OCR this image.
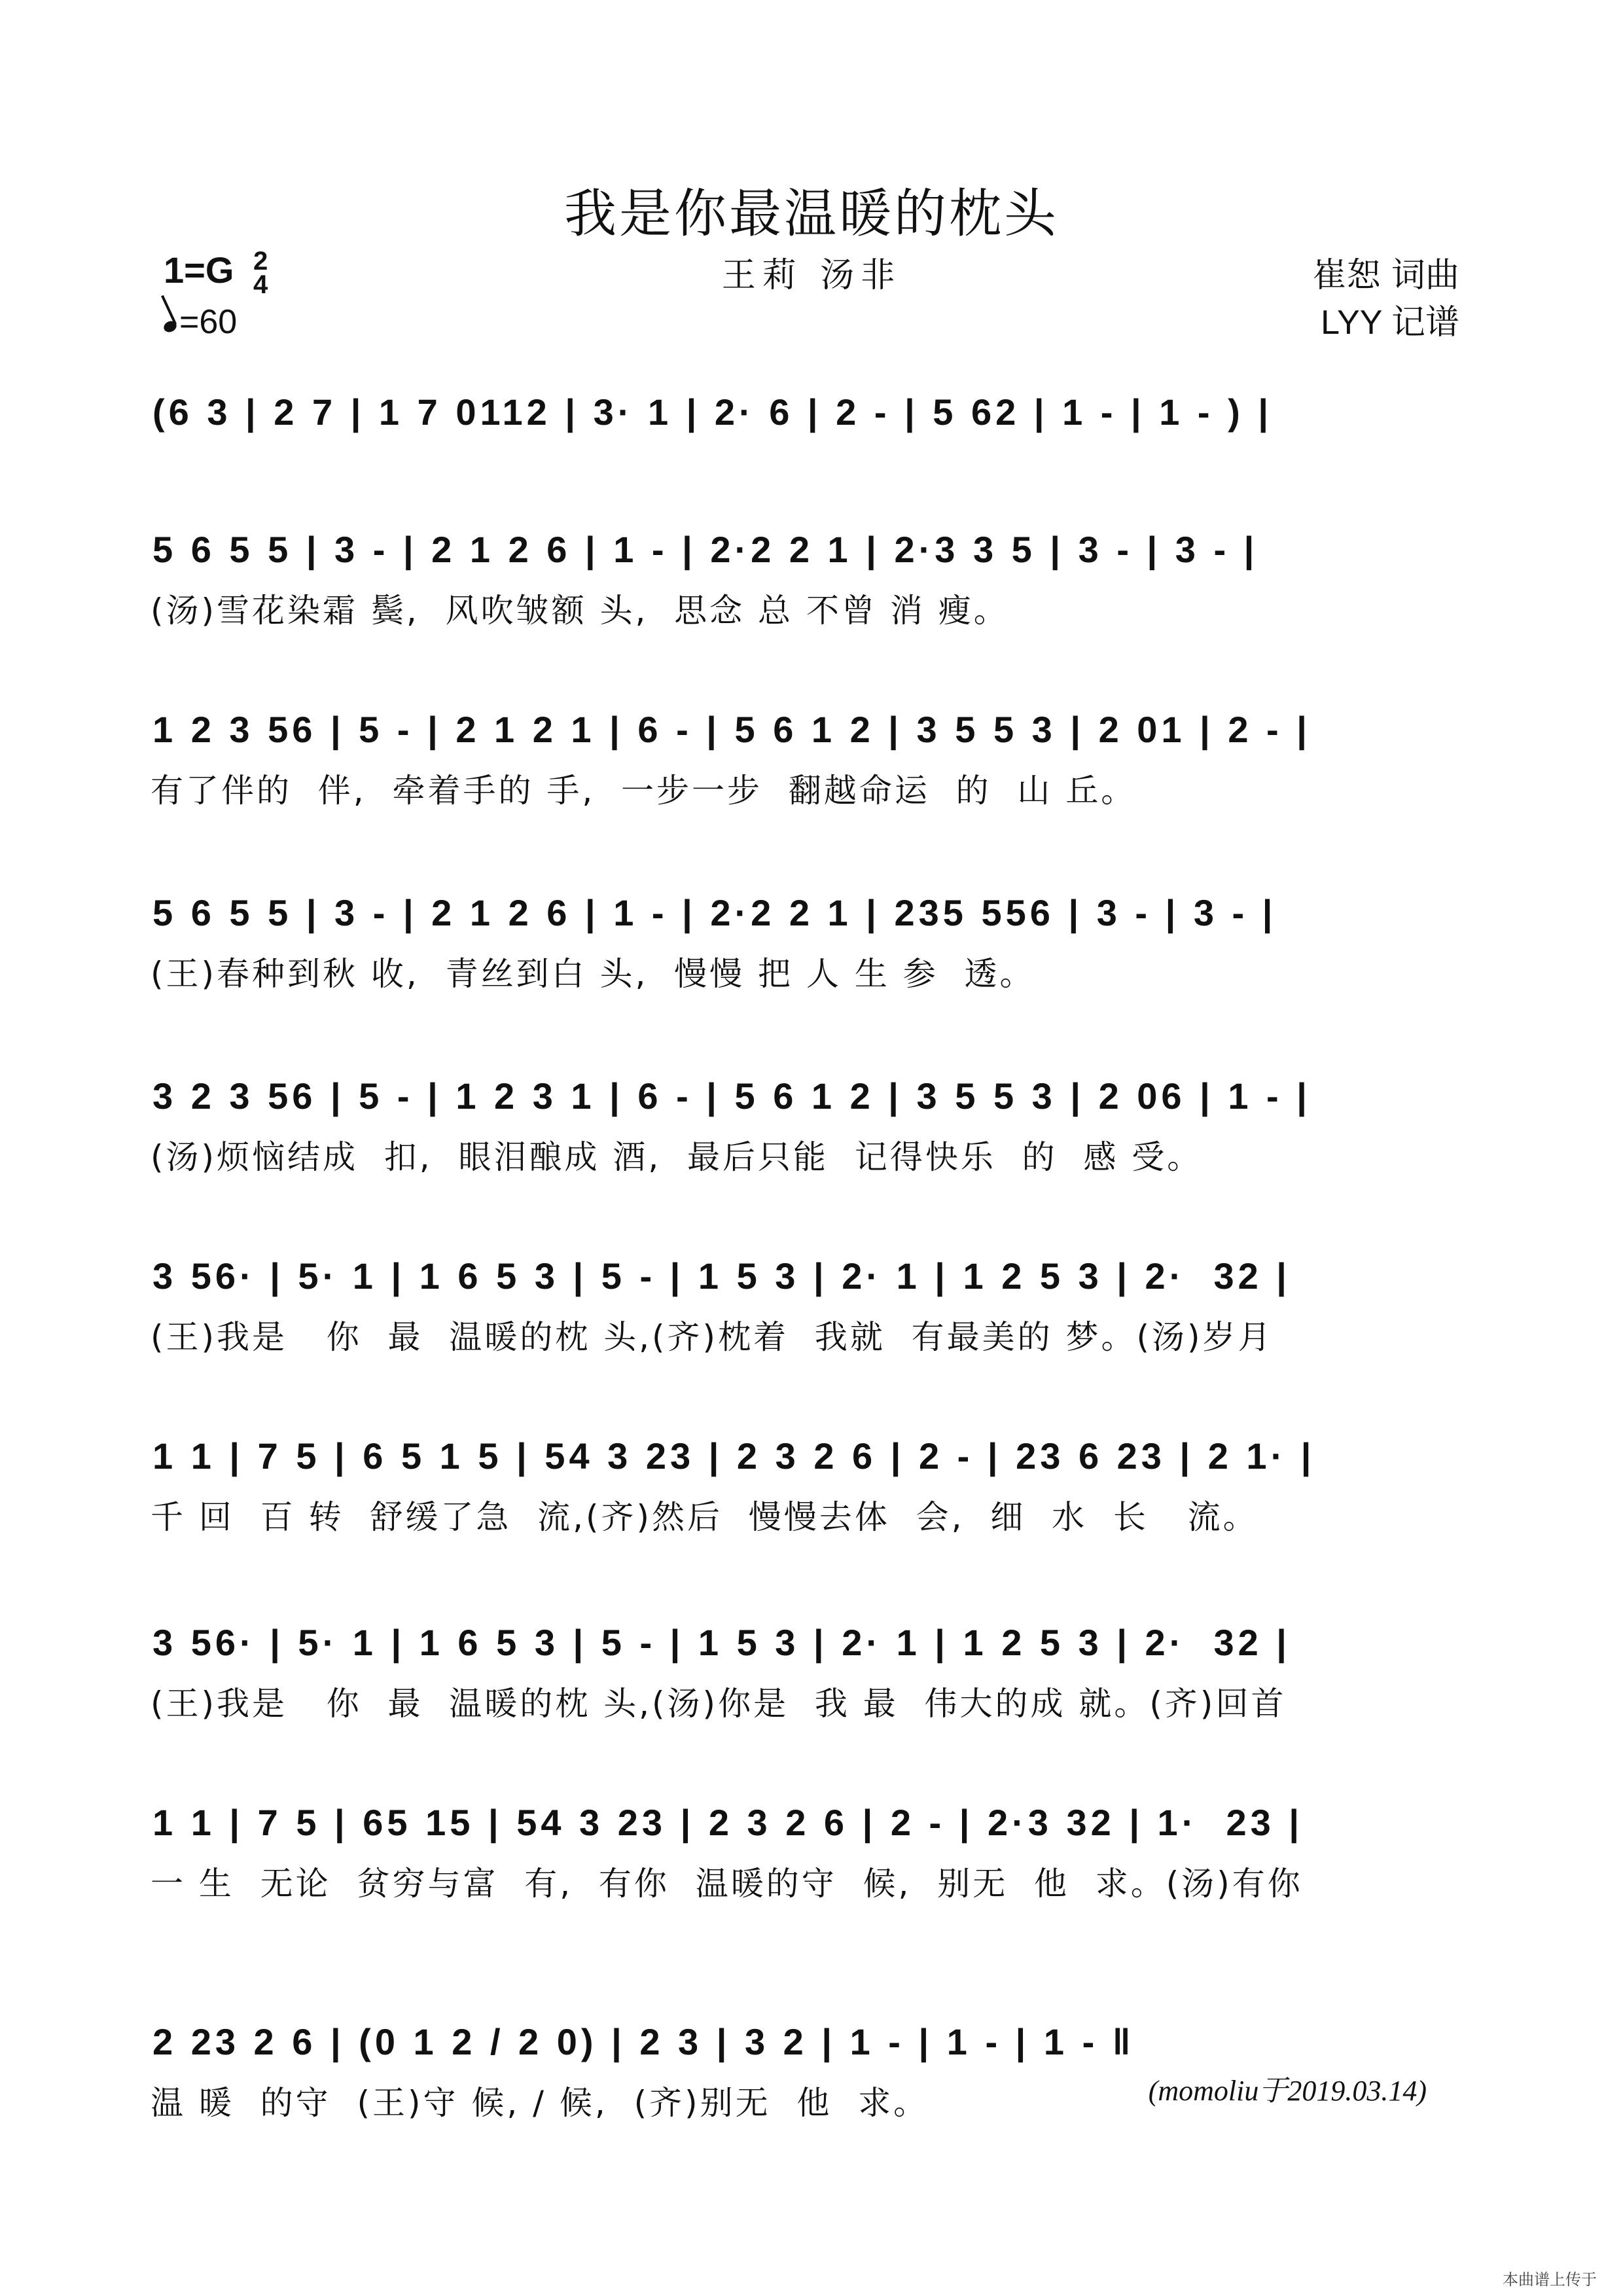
我是你最温暖的枕头
1=G 2
4
=60
王莉 汤非	崔恕 词曲
LYY 记谱
(6 3 | 2 7 | 1 7 0112 | 3· 1 | 2· 6 | 2 - | 5 62 | 1 - | 1 - ) |
5 6 5 5 | 3 - | 2 1 2 6 | 1 - | 2·2 2 1 | 2·3 3 5 | 3 - | 3 - |
(汤)雪花染霜 鬓,  风吹皱额 头,  思念 总 不曾 消 瘦。
1 2 3 56 | 5 - | 2 1 2 1 | 6 - | 5 6 1 2 | 3 5 5 3 | 2 01 | 2 - |
有了伴的  伴,  牵着手的 手,  一步一步  翻越命运  的  山 丘。
5 6 5 5 | 3 - | 2 1 2 6 | 1 - | 2·2 2 1 | 235 556 | 3 - | 3 - |
(王)春种到秋 收,  青丝到白 头,  慢慢 把 人 生 参  透。
3 2 3 56 | 5 - | 1 2 3 1 | 6 - | 5 6 1 2 | 3 5 5 3 | 2 06 | 1 - |
(汤)烦恼结成  扣,  眼泪酿成 酒,  最后只能  记得快乐  的  感 受。
3 56· | 5· 1 | 1 6 5 3 | 5 - | 1 5 3 | 2· 1 | 1 2 5 3 | 2·  32 |
(王)我是   你  最  温暖的枕 头,(齐)枕着  我就  有最美的 梦。(汤)岁月
1 1 | 7 5 | 6 5 1 5 | 54 3 23 | 2 3 2 6 | 2 - | 23 6 23 | 2 1· |
千 回  百 转  舒缓了急  流,(齐)然后  慢慢去体  会,  细  水  长   流。
3 56· | 5· 1 | 1 6 5 3 | 5 - | 1 5 3 | 2· 1 | 1 2 5 3 | 2·  32 |
(王)我是   你  最  温暖的枕 头,(汤)你是  我 最  伟大的成 就。(齐)回首
1 1 | 7 5 | 65 15 | 54 3 23 | 2 3 2 6 | 2 - | 2·3 32 | 1·  23 |
一 生  无论  贫穷与富  有,  有你  温暖的守  候,  别无  他  求。(汤)有你
2 23 2 6 | (0 1 2 / 2 0) | 2 3 | 3 2 | 1 - | 1 - | 1 - ‖
温 暖  的守  (王)守 候, / 候,  (齐)别无  他  求。	(momoliu于2019.03.14)
本曲谱上传于
